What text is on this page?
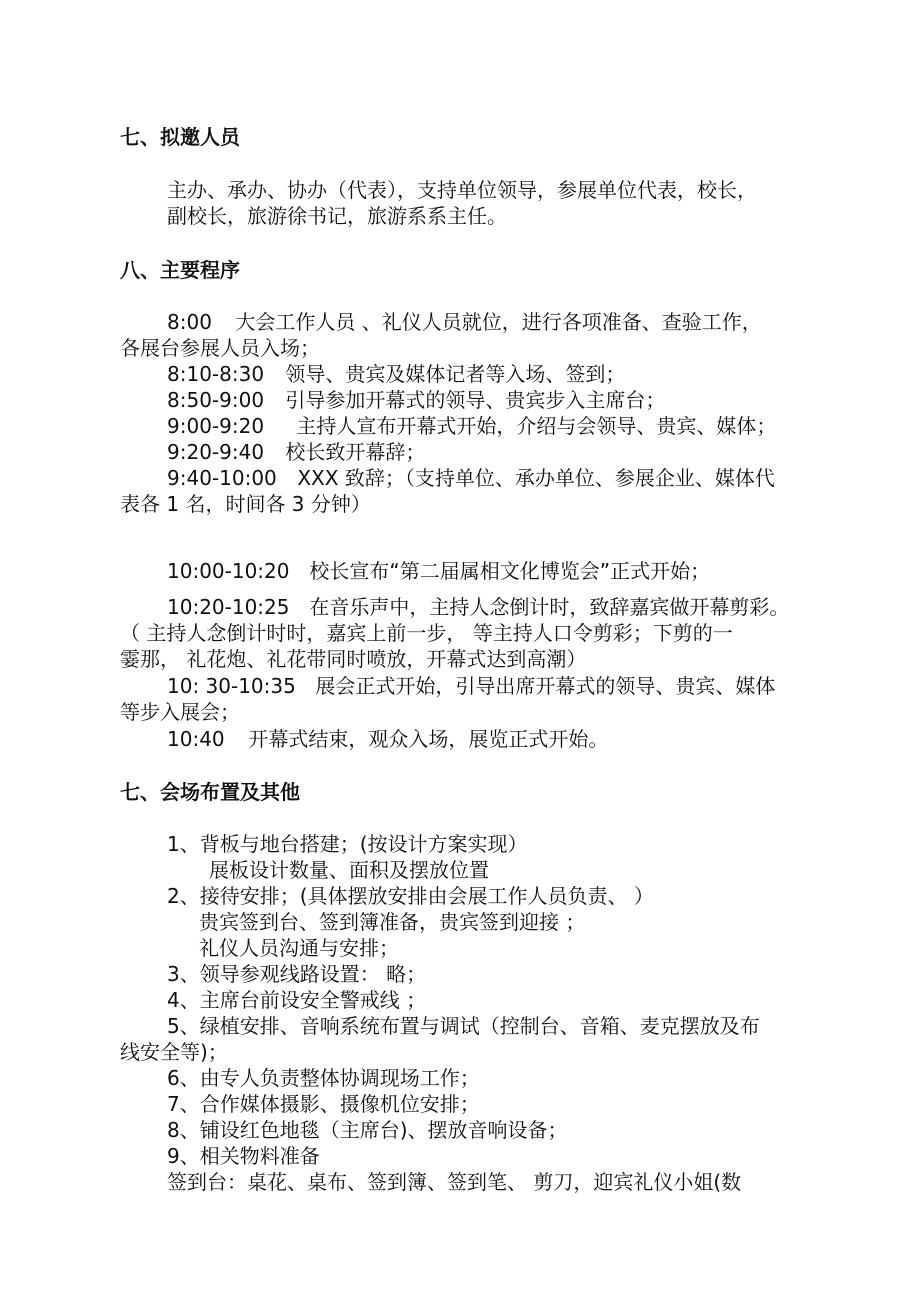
七、拟邀人员
主办、承办、协办（代表），支持单位领导，参展单位代表，校长，
副校长，旅游徐书记，旅游系系主任。
八、主要程序
8:00 大会工作人员 、礼仪人员就位，进行各项准备、查验工作，
各展台参展人员入场；
8:10-8:30 领导、贵宾及媒体记者等入场、签到；
8:50-9:00 引导参加开幕式的领导、贵宾步入主席台；
9:00-9:20 主持人宣布开幕式开始，介绍与会领导、贵宾、媒体；
9:20-9:40 校长致开幕辞；
9:40-10:00 XXX 致辞；（支持单位、承办单位、参展企业、媒体代
表各 1 名，时间各 3 分钟）
10:00-10:20 校长宣布“第二届属相文化博览会”正式开始；
10:20-10:25 在音乐声中，主持人念倒计时，致辞嘉宾做开幕剪彩。
（ 主持人念倒计时时，嘉宾上前一步， 等主持人口令剪彩；下剪的一
霎那， 礼花炮、礼花带同时喷放，开幕式达到高潮）
10: 30-10:35 展会正式开始，引导出席开幕式的领导、贵宾、媒体
等步入展会；
10:40 开幕式结束，观众入场，展览正式开始。
七、会场布置及其他
1、背板与地台搭建；(按设计方案实现）
展板设计数量、面积及摆放位置
2、接待安排；(具体摆放安排由会展工作人员负责、 ）
贵宾签到台、签到簿准备，贵宾签到迎接 ；
礼仪人员沟通与安排；
3、领导参观线路设置： 略；
4、主席台前设安全警戒线 ；
5、绿植安排、音响系统布置与调试（控制台、音箱、麦克摆放及布
线安全等)；
6、由专人负责整体协调现场工作；
7、合作媒体摄影、摄像机位安排；
8、铺设红色地毯（主席台)、摆放音响设备；
9、相关物料准备
签到台：桌花、桌布、签到簿、签到笔、 剪刀，迎宾礼仪小姐(数
